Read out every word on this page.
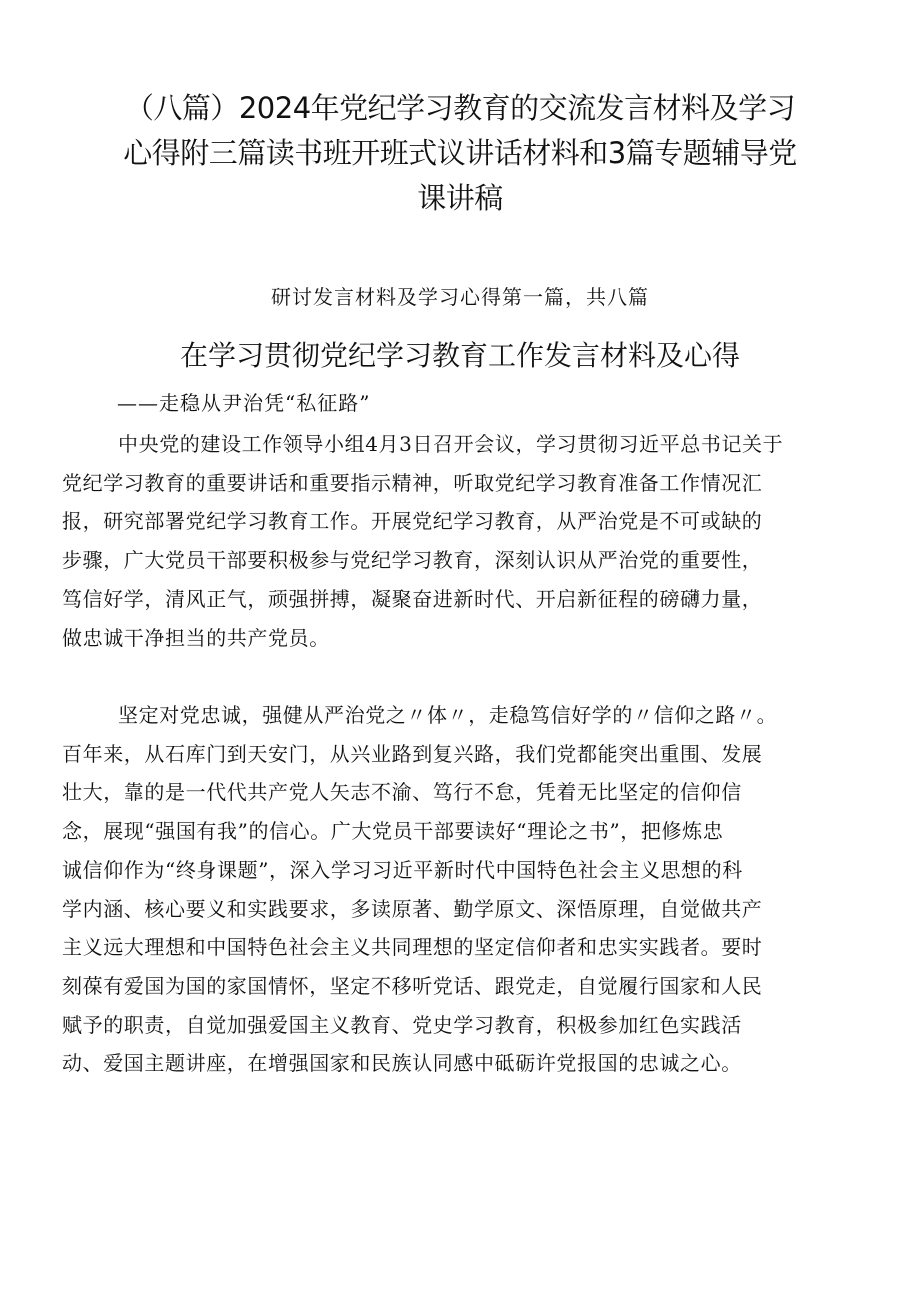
（八篇）2024年党纪学习教育的交流发言材料及学习
心得附三篇读书班开班式议讲话材料和3篇专题辅导党
课讲稿
研讨发言材料及学习心得第一篇，共八篇
在学习贯彻党纪学习教育工作发言材料及心得
——走稳从尹治凭“私征路”

中央党的建设工作领导小组4月3日召开会议，学习贯彻习近平总书记关于
党纪学习教育的重要讲话和重要指示精神，听取党纪学习教育准备工作情况汇
报，研究部署党纪学习教育工作。开展党纪学习教育，从严治党是不可或缺的
步骤，广大党员干部要积极参与党纪学习教育，深刻认识从严治党的重要性，
笃信好学，清风正气，顽强拼搏，凝聚奋进新时代、开启新征程的磅礴力量，
做忠诚干净担当的共产党员。

坚定对党忠诚，强健从严治党之〃体〃，走稳笃信好学的〃信仰之路〃。
百年来，从石库门到天安门，从兴业路到复兴路，我们党都能突出重围、发展
壮大，靠的是一代代共产党人矢志不渝、笃行不怠，凭着无比坚定的信仰信
念，展现“强国有我”的信心。广大党员干部要读好“理论之书”，把修炼忠
诚信仰作为“终身课题”，深入学习习近平新时代中国特色社会主义思想的科
学内涵、核心要义和实践要求，多读原著、勤学原文、深悟原理，自觉做共产
主义远大理想和中国特色社会主义共同理想的坚定信仰者和忠实实践者。要时
刻葆有爱国为国的家国情怀，坚定不移听党话、跟党走，自觉履行国家和人民
赋予的职责，自觉加强爱国主义教育、党史学习教育，积极参加红色实践活
动、爱国主题讲座，在增强国家和民族认同感中砥砺许党报国的忠诚之心。
